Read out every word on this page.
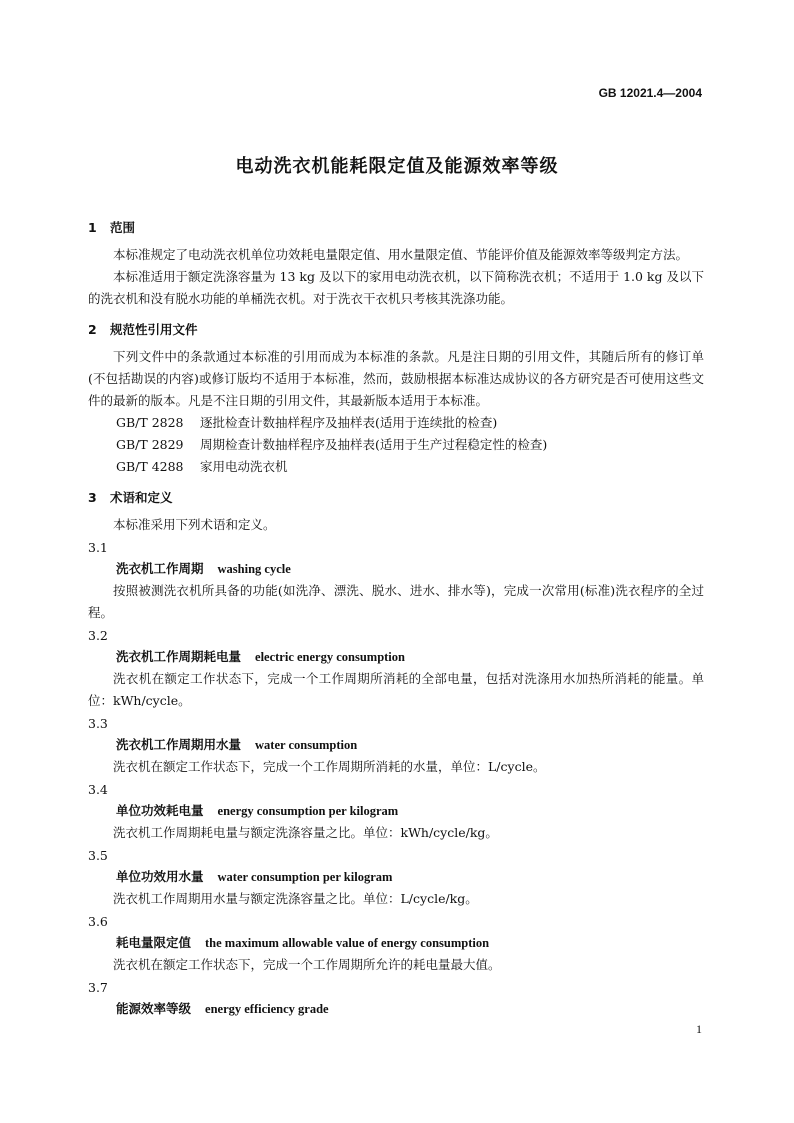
GB 12021.4—2004
电动洗衣机能耗限定值及能源效率等级
1 范围
本标准规定了电动洗衣机单位功效耗电量限定值、用水量限定值、节能评价值及能源效率等级判定方法。
本标准适用于额定洗涤容量为 13 kg 及以下的家用电动洗衣机，以下简称洗衣机；不适用于 1.0 kg 及以下的洗衣机和没有脱水功能的单桶洗衣机。对于洗衣干衣机只考核其洗涤功能。
2 规范性引用文件
下列文件中的条款通过本标准的引用而成为本标准的条款。凡是注日期的引用文件，其随后所有的修订单(不包括勘误的内容)或修订版均不适用于本标准，然而，鼓励根据本标准达成协议的各方研究是否可使用这些文件的最新的版本。凡是不注日期的引用文件，其最新版本适用于本标准。
GB/T 2828 逐批检查计数抽样程序及抽样表(适用于连续批的检查)
GB/T 2829 周期检查计数抽样程序及抽样表(适用于生产过程稳定性的检查)
GB/T 4288 家用电动洗衣机
3 术语和定义
本标准采用下列术语和定义。
3.1
洗衣机工作周期 washing cycle
按照被测洗衣机所具备的功能(如洗净、漂洗、脱水、进水、排水等)，完成一次常用(标准)洗衣程序的全过程。
3.2
洗衣机工作周期耗电量 electric energy consumption
洗衣机在额定工作状态下，完成一个工作周期所消耗的全部电量，包括对洗涤用水加热所消耗的能量。单位：kWh/cycle。
3.3
洗衣机工作周期用水量 water consumption
洗衣机在额定工作状态下，完成一个工作周期所消耗的水量，单位：L/cycle。
3.4
单位功效耗电量 energy consumption per kilogram
洗衣机工作周期耗电量与额定洗涤容量之比。单位：kWh/cycle/kg。
3.5
单位功效用水量 water consumption per kilogram
洗衣机工作周期用水量与额定洗涤容量之比。单位：L/cycle/kg。
3.6
耗电量限定值 the maximum allowable value of energy consumption
洗衣机在额定工作状态下，完成一个工作周期所允许的耗电量最大值。
3.7
能源效率等级 energy efficiency grade
1
